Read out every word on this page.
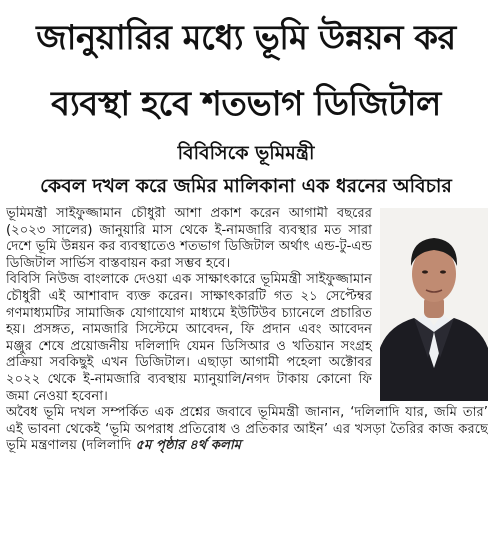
জানুয়ারির মধ্যে ভূমি উন্নয়ন কর
ব্যবস্থা হবে শতভাগ ডিজিটাল
বিবিসিকে ভূমিমন্ত্রী
কেবল দখল করে জমির মালিকানা এক ধরনের অবিচার

ভূমিমন্ত্রী সাইফুজ্জামান চৌধুরী আশা প্রকাশ করেন আগামী বছরের (২০২৩ সালের) জানুয়ারি মাস থেকে ই-নামজারি ব্যবস্থার মত সারা দেশে ভূমি উন্নয়ন কর ব্যবস্থাতেও শতভাগ ডিজিটাল অর্থাৎ এন্ড-টু-এন্ড ডিজিটাল সার্ভিস বাস্তবায়ন করা সম্ভব হবে।

বিবিসি নিউজ বাংলাকে দেওয়া এক সাক্ষাৎকারে ভূমিমন্ত্রী সাইফুজ্জামান চৌধুরী এই আশাবাদ ব্যক্ত করেন। সাক্ষাৎকারটি গত ২১ সেপ্টেম্বর গণমাধ্যমটির সামাজিক যোগাযোগ মাধ্যমে ইউটিউব চ্যানেলে প্রচারিত হয়। প্রসঙ্গত, নামজারি সিস্টেমে আবেদন, ফি প্রদান এবং আবেদন মঞ্জুর শেষে প্রয়োজনীয় দলিলাদি যেমন ডিসিআর ও খতিয়ান সংগ্রহ প্রক্রিয়া সবকিছুই এখন ডিজিটাল। এছাড়া আগামী পহেলা অক্টোবর ২০২২ থেকে ই-নামজারি ব্যবস্থায় ম্যানুয়ালি/নগদ টাকায় কোনো ফি জমা নেওয়া হবেনা।

অবৈধ ভূমি দখল সম্পর্কিত এক প্রশ্নের জবাবে ভূমিমন্ত্রী জানান, ‘দলিলাদি যার, জমি তার’ এই ভাবনা থেকেই ‘ভূমি অপরাধ প্রতিরোধ ও প্রতিকার আইন’ এর খসড়া তৈরির কাজ করছে ভূমি মন্ত্রণালয় (দলিলাদি ৫ম পৃষ্ঠার ৪র্থ কলাম
